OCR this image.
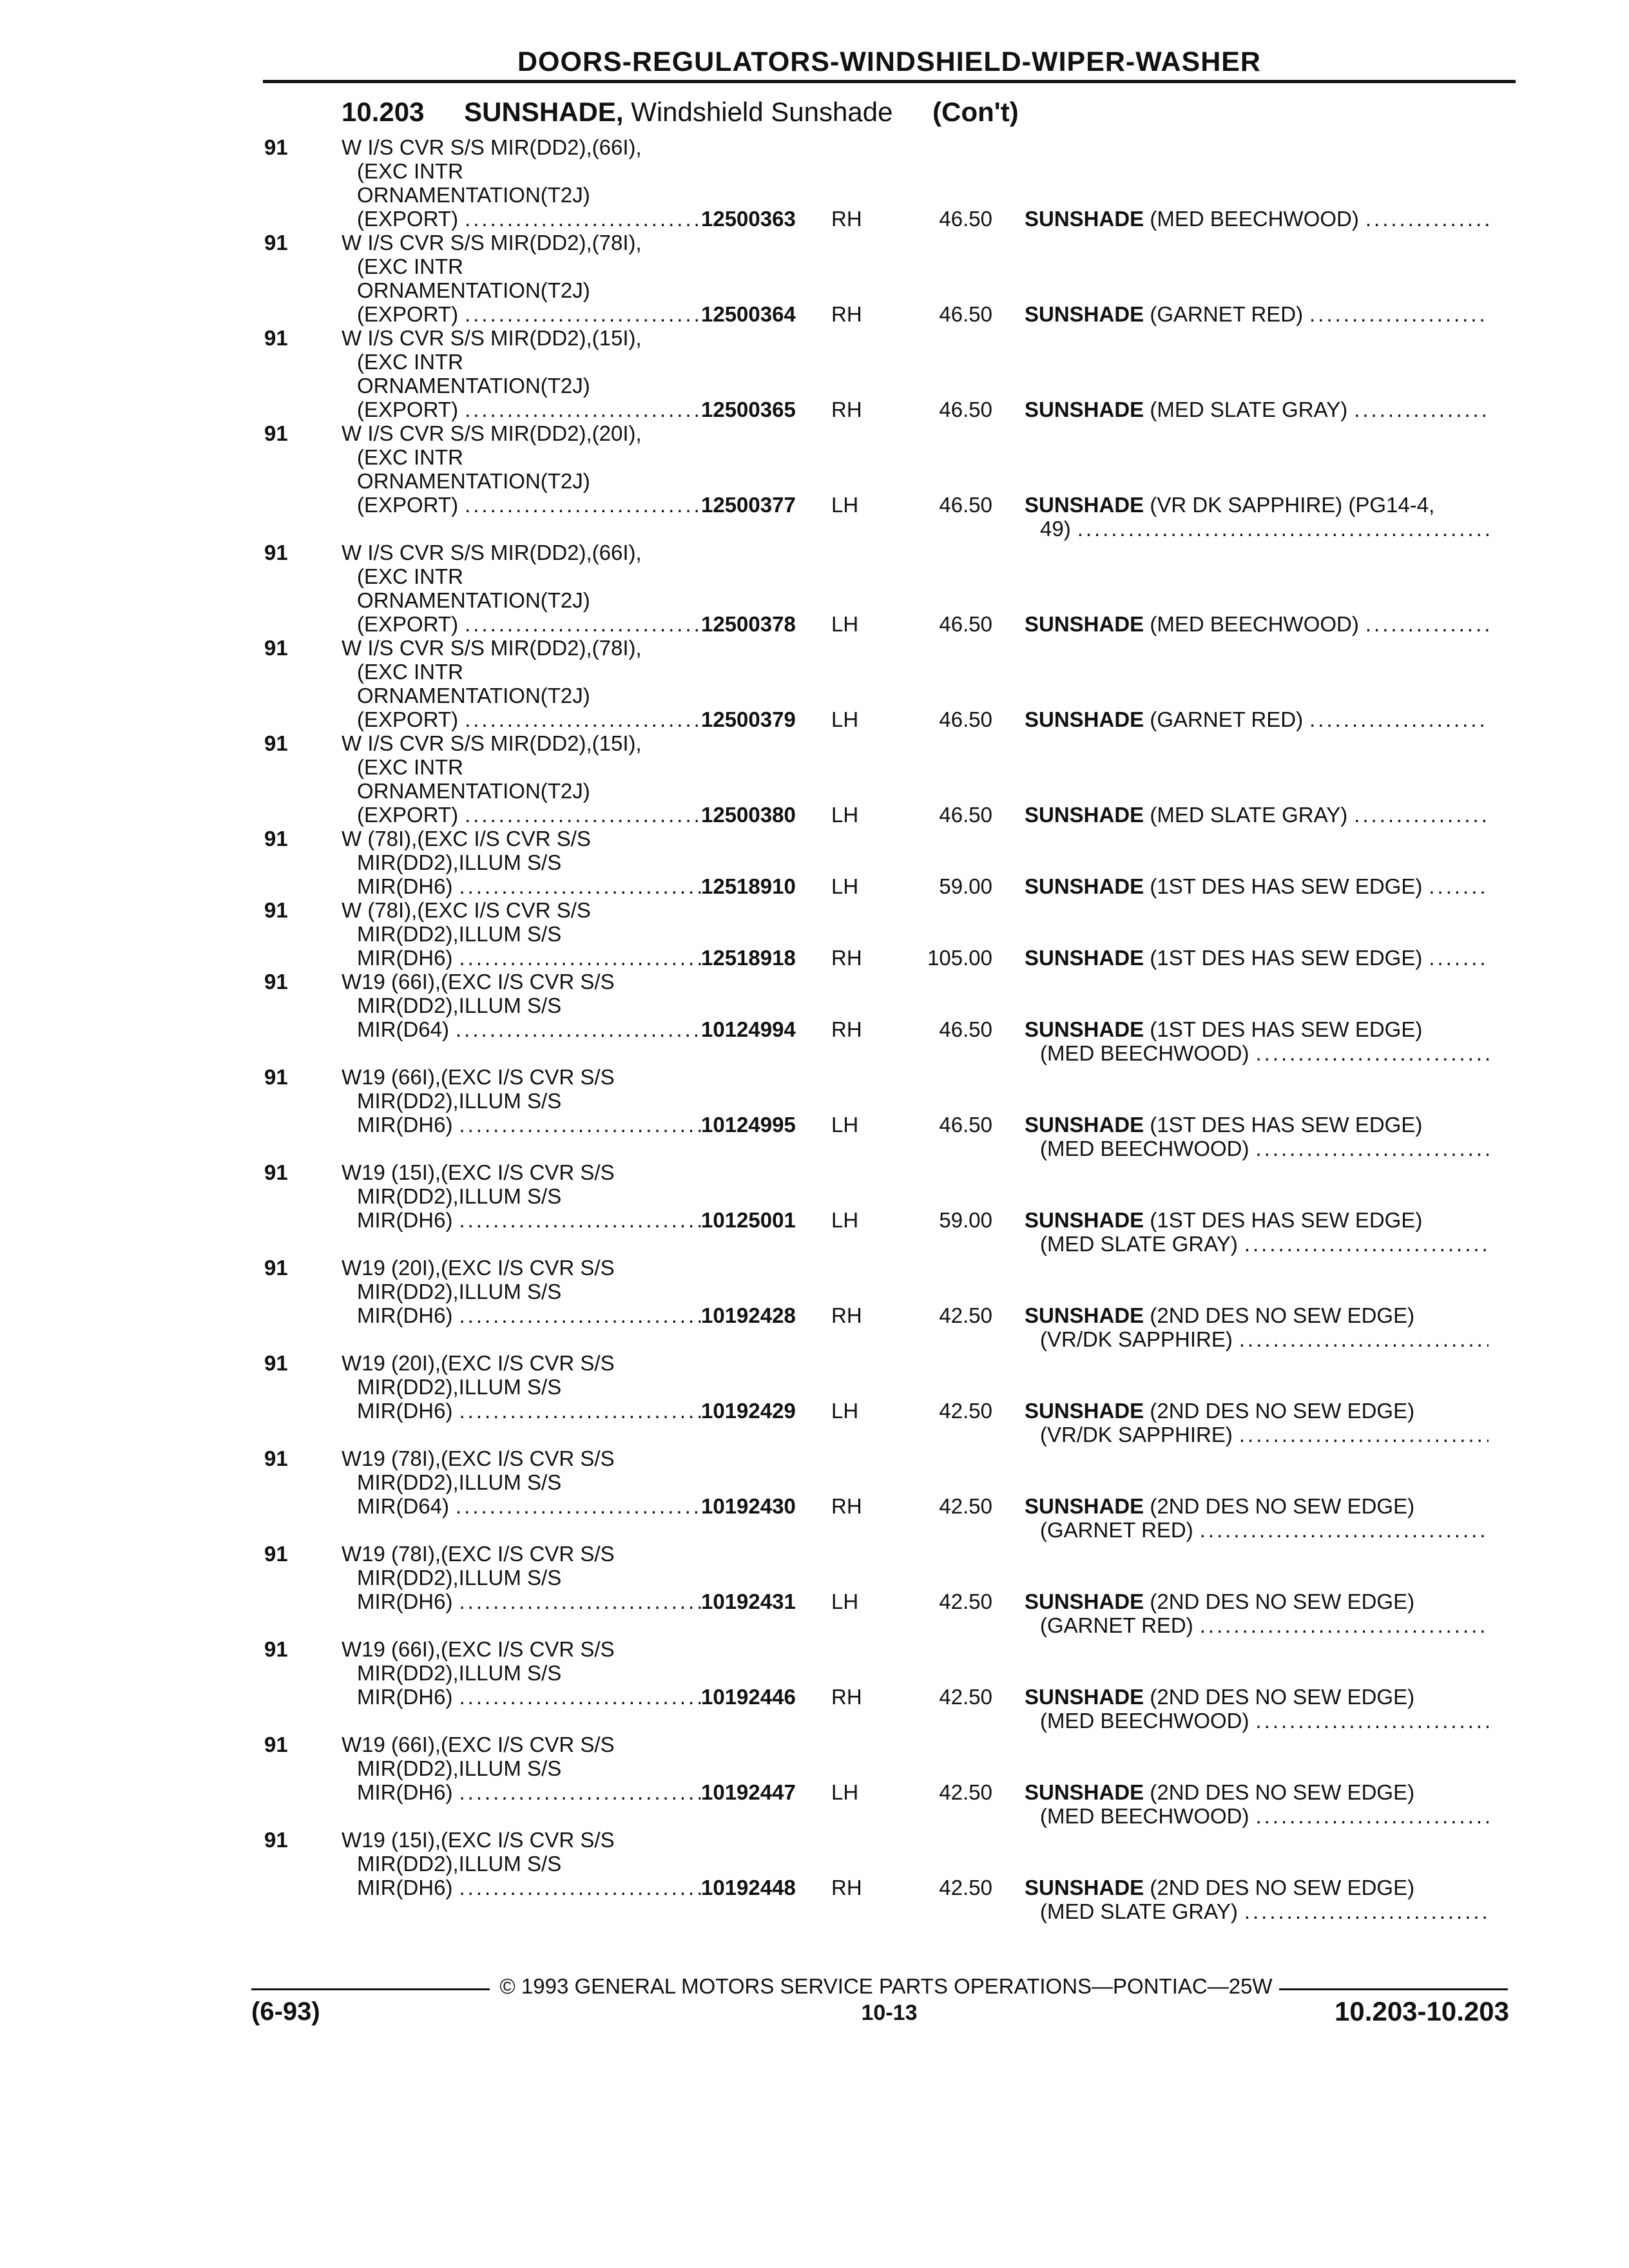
DOORS-REGULATORS-WINDSHIELD-WIPER-WASHER
10.203 SUNSHADE, Windshield Sunshade (Con't)
91	W I/S CVR S/S MIR(DD2),(66I),
(EXC INTR
ORNAMENTATION(T2J)
(EXPORT) .....	12500363 RH	46.50 SUNSHADE (MED BEECHWOOD)
.....
91	W I/S CVR S/S MIR(DD2),(78I),
(EXC INTR
ORNAMENTATION(T2J)
(EXPORT) .....	12500364 RH	46.50 SUNSHADE (GARNET RED)
.....
91	W I/S CVR S/S MIR(DD2),(15I),
(EXC INTR
ORNAMENTATION(T2J)
(EXPORT) .....	12500365 RH	46.50 SUNSHADE (MED SLATE GRAY)
.....
91	W I/S CVR S/S MIR(DD2),(20I),
(EXC INTR
ORNAMENTATION(T2J)
(EXPORT) .....	12500377 LH	46.50 SUNSHADE (VR DK SAPPHIRE) (PG14-4,
49)
.....
91	W I/S CVR S/S MIR(DD2),(66I),
(EXC INTR
ORNAMENTATION(T2J)
(EXPORT) .....	12500378 LH	46.50 SUNSHADE (MED BEECHWOOD)
.....
91	W I/S CVR S/S MIR(DD2),(78I),
(EXC INTR
ORNAMENTATION(T2J)
(EXPORT) .....	12500379 LH	46.50 SUNSHADE (GARNET RED)
.....
91	W I/S CVR S/S MIR(DD2),(15I),
(EXC INTR
ORNAMENTATION(T2J)
(EXPORT) .....	12500380 LH	46.50 SUNSHADE (MED SLATE GRAY)
.....
91	W (78I),(EXC I/S CVR S/S
MIR(DD2),ILLUM S/S
MIR(DH6) .....	12518910 LH	59.00 SUNSHADE (1ST DES HAS SEW EDGE)
.....
91	W (78I),(EXC I/S CVR S/S
MIR(DD2),ILLUM S/S
MIR(DH6) .....	12518918 RH	105.00 SUNSHADE (1ST DES HAS SEW EDGE)
.....
91	W19 (66I),(EXC I/S CVR S/S
MIR(DD2),ILLUM S/S
MIR(D64) .....	10124994 RH	46.50 SUNSHADE (1ST DES HAS SEW EDGE)
(MED BEECHWOOD)
.....
91	W19 (66I),(EXC I/S CVR S/S
MIR(DD2),ILLUM S/S
MIR(DH6) .....	10124995 LH	46.50 SUNSHADE (1ST DES HAS SEW EDGE)
(MED BEECHWOOD)
.....
91	W19 (15I),(EXC I/S CVR S/S
MIR(DD2),ILLUM S/S
MIR(DH6) .....	10125001 LH	59.00 SUNSHADE (1ST DES HAS SEW EDGE)
(MED SLATE GRAY)
.....
91	W19 (20I),(EXC I/S CVR S/S
MIR(DD2),ILLUM S/S
MIR(DH6) .....	10192428 RH	42.50 SUNSHADE (2ND DES NO SEW EDGE)
(VR/DK SAPPHIRE)
.....
91	W19 (20I),(EXC I/S CVR S/S
MIR(DD2),ILLUM S/S
MIR(DH6) .....	10192429 LH	42.50 SUNSHADE (2ND DES NO SEW EDGE)
(VR/DK SAPPHIRE)
.....
91	W19 (78I),(EXC I/S CVR S/S
MIR(DD2),ILLUM S/S
MIR(D64) .....	10192430 RH	42.50 SUNSHADE (2ND DES NO SEW EDGE)
(GARNET RED)
.....
91	W19 (78I),(EXC I/S CVR S/S
MIR(DD2),ILLUM S/S
MIR(DH6) .....	10192431 LH	42.50 SUNSHADE (2ND DES NO SEW EDGE)
(GARNET RED)
.....
91	W19 (66I),(EXC I/S CVR S/S
MIR(DD2),ILLUM S/S
MIR(DH6) .....	10192446 RH	42.50 SUNSHADE (2ND DES NO SEW EDGE)
(MED BEECHWOOD)
.....
91	W19 (66I),(EXC I/S CVR S/S
MIR(DD2),ILLUM S/S
MIR(DH6) .....	10192447 LH	42.50 SUNSHADE (2ND DES NO SEW EDGE)
(MED BEECHWOOD)
.....
91	W19 (15I),(EXC I/S CVR S/S
MIR(DD2),ILLUM S/S
MIR(DH6) .....	10192448 RH	42.50 SUNSHADE (2ND DES NO SEW EDGE)
(MED SLATE GRAY)
.....
© 1993 GENERAL MOTORS SERVICE PARTS OPERATIONS—PONTIAC—25W
(6-93)	10-13	10.203-10.203
